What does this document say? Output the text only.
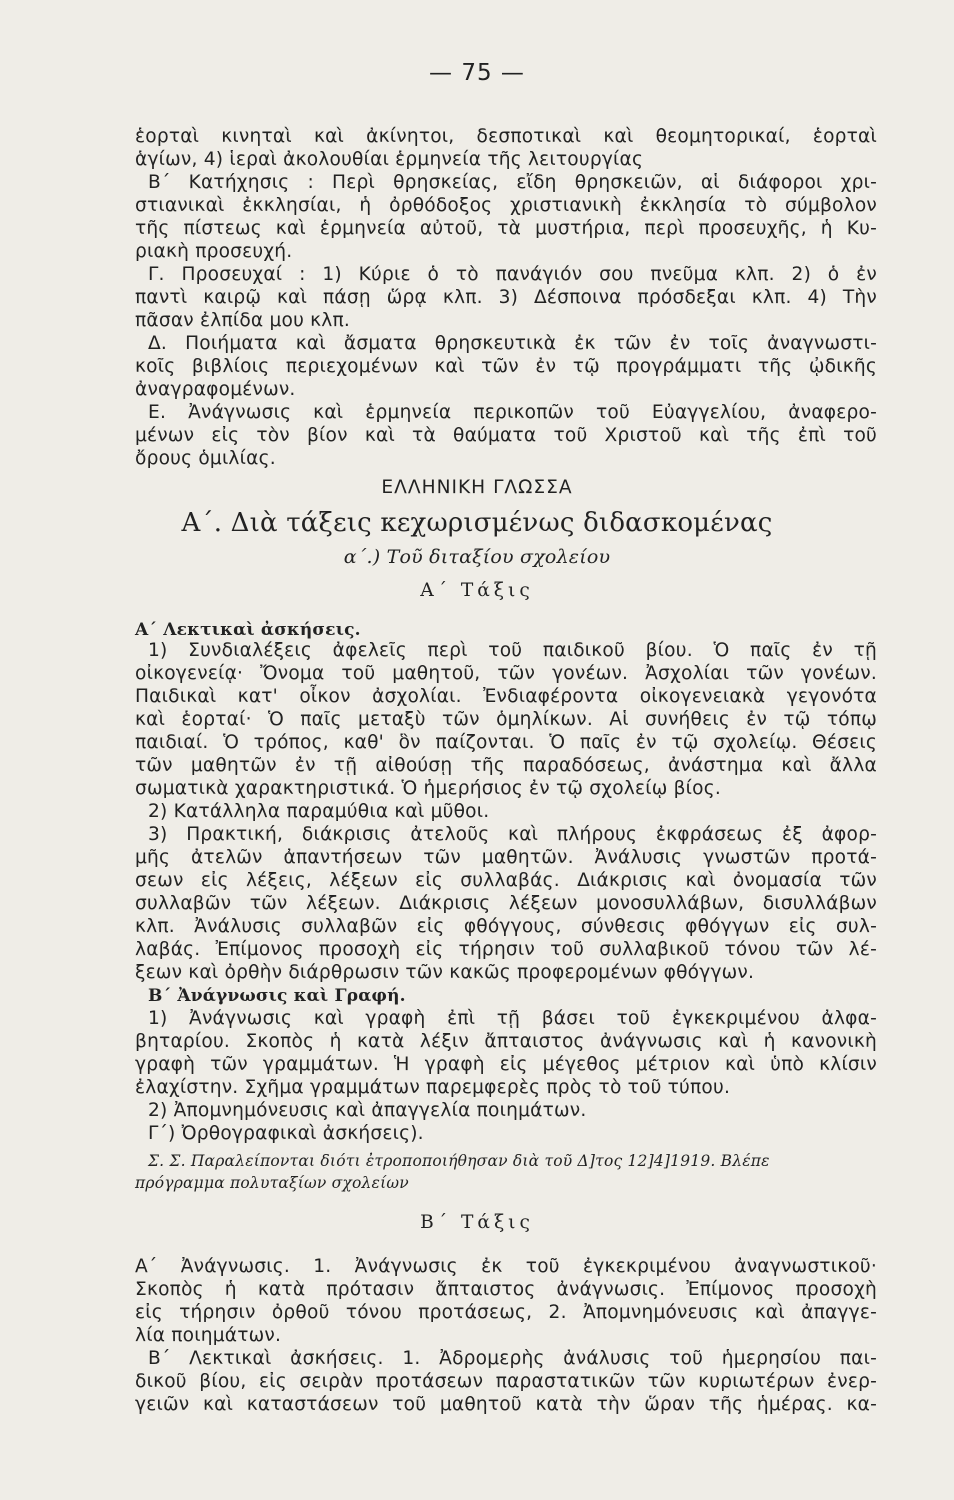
— 75 —
ἑορταὶ κινηταὶ καὶ ἀκίνητοι, δεσποτικαὶ καὶ θεομητορικαί, ἑορταὶ
ἁγίων, 4) ἱεραὶ ἀκολουθίαι ἑρμηνεία τῆς λειτουργίας
Β΄ Κατήχησις : Περὶ θρησκείας, εἴδη θρησκειῶν, αἱ διάφοροι χρι-
στιανικαὶ ἐκκλησίαι, ἡ ὀρθόδοξος χριστιανικὴ ἐκκλησία τὸ σύμβολον
τῆς πίστεως καὶ ἑρμηνεία αὐτοῦ, τὰ μυστήρια, περὶ προσευχῆς, ἡ Κυ-
ριακὴ προσευχή.
Γ. Προσευχαί : 1) Κύριε ὁ τὸ πανάγιόν σου πνεῦμα κλπ. 2) ὁ ἐν
παντὶ καιρῷ καὶ πάσῃ ὥρᾳ κλπ. 3) Δέσποινα πρόσδεξαι κλπ. 4) Τὴν
πᾶσαν ἐλπίδα μου κλπ.
Δ. Ποιήματα καὶ ἄσματα θρησκευτικὰ ἐκ τῶν ἐν τοῖς ἀναγνωστι-
κοῖς βιβλίοις περιεχομένων καὶ τῶν ἐν τῷ προγράμματι τῆς ᾠδικῆς
ἀναγραφομένων.
Ε. Ἀνάγνωσις καὶ ἑρμηνεία περικοπῶν τοῦ Εὐαγγελίου, ἀναφερο-
μένων εἰς τὸν βίον καὶ τὰ θαύματα τοῦ Χριστοῦ καὶ τῆς ἐπὶ τοῦ
ὄρους ὁμιλίας.
ΕΛΛΗΝΙΚΗ ΓΛΩΣΣΑ
Α΄. Διὰ τάξεις κεχωρισμένως διδασκομένας
α΄.) Τοῦ διταξίου σχολείου
Α΄ Τάξις
Α΄ Λεκτικαὶ ἀσκήσεις.
1) Συνδιαλέξεις ἀφελεῖς περὶ τοῦ παιδικοῦ βίου. Ὁ παῖς ἐν τῇ
οἰκογενείᾳ· Ὄνομα τοῦ μαθητοῦ, τῶν γονέων. Ἀσχολίαι τῶν γονέων.
Παιδικαὶ κατ' οἶκον ἀσχολίαι. Ἐνδιαφέροντα οἰκογενειακὰ γεγονότα
καὶ ἑορταί· Ὁ παῖς μεταξὺ τῶν ὁμηλίκων. Αἱ συνήθεις ἐν τῷ τόπῳ
παιδιαί. Ὁ τρόπος, καθ' ὃν παίζονται. Ὁ παῖς ἐν τῷ σχολείῳ. Θέσεις
τῶν μαθητῶν ἐν τῇ αἰθούσῃ τῆς παραδόσεως, ἀνάστημα καὶ ἄλλα
σωματικὰ χαρακτηριστικά. Ὁ ἡμερήσιος ἐν τῷ σχολείῳ βίος.
2) Κατάλληλα παραμύθια καὶ μῦθοι.
3) Πρακτική, διάκρισις ἀτελοῦς καὶ πλήρους ἐκφράσεως ἐξ ἀφορ-
μῆς ἀτελῶν ἀπαντήσεων τῶν μαθητῶν. Ἀνάλυσις γνωστῶν προτά-
σεων εἰς λέξεις, λέξεων εἰς συλλαβάς. Διάκρισις καὶ ὀνομασία τῶν
συλλαβῶν τῶν λέξεων. Διάκρισις λέξεων μονοσυλλάβων, δισυλλάβων
κλπ. Ἀνάλυσις συλλαβῶν εἰς φθόγγους, σύνθεσις φθόγγων εἰς συλ-
λαβάς. Ἐπίμονος προσοχὴ εἰς τήρησιν τοῦ συλλαβικοῦ τόνου τῶν λέ-
ξεων καὶ ὀρθὴν διάρθρωσιν τῶν κακῶς προφερομένων φθόγγων.
Β΄ Ἀνάγνωσις καὶ Γραφή.
1) Ἀνάγνωσις καὶ γραφὴ ἐπὶ τῇ βάσει τοῦ ἐγκεκριμένου ἀλφα-
βηταρίου. Σκοπὸς ἡ κατὰ λέξιν ἄπταιστος ἀνάγνωσις καὶ ἡ κανονικὴ
γραφὴ τῶν γραμμάτων. Ἡ γραφὴ εἰς μέγεθος μέτριον καὶ ὑπὸ κλίσιν
ἐλαχίστην. Σχῆμα γραμμάτων παρεμφερὲς πρὸς τὸ τοῦ τύπου.
2) Ἀπομνημόνευσις καὶ ἀπαγγελία ποιημάτων.
Γ΄) Ὀρθογραφικαὶ ἀσκήσεις).
Σ. Σ. Παραλείπονται διότι ἐτροποποιήθησαν διὰ τοῦ Δ]τος 12]4]1919. Βλέπε
πρόγραμμα πολυταξίων σχολείων
Β΄ Τάξις
Α΄ Ἀνάγνωσις. 1. Ἀνάγνωσις ἐκ τοῦ ἐγκεκριμένου ἀναγνωστικοῦ·
Σκοπὸς ἡ κατὰ πρότασιν ἄπταιστος ἀνάγνωσις. Ἐπίμονος προσοχὴ
εἰς τήρησιν ὀρθοῦ τόνου προτάσεως, 2. Ἀπομνημόνευσις καὶ ἀπαγγε-
λία ποιημάτων.
Β΄ Λεκτικαὶ ἀσκήσεις. 1. Ἀδρομερὴς ἀνάλυσις τοῦ ἡμερησίου παι-
δικοῦ βίου, εἰς σειρὰν προτάσεων παραστατικῶν τῶν κυριωτέρων ἐνερ-
γειῶν καὶ καταστάσεων τοῦ μαθητοῦ κατὰ τὴν ὥραν τῆς ἡμέρας. κα-
